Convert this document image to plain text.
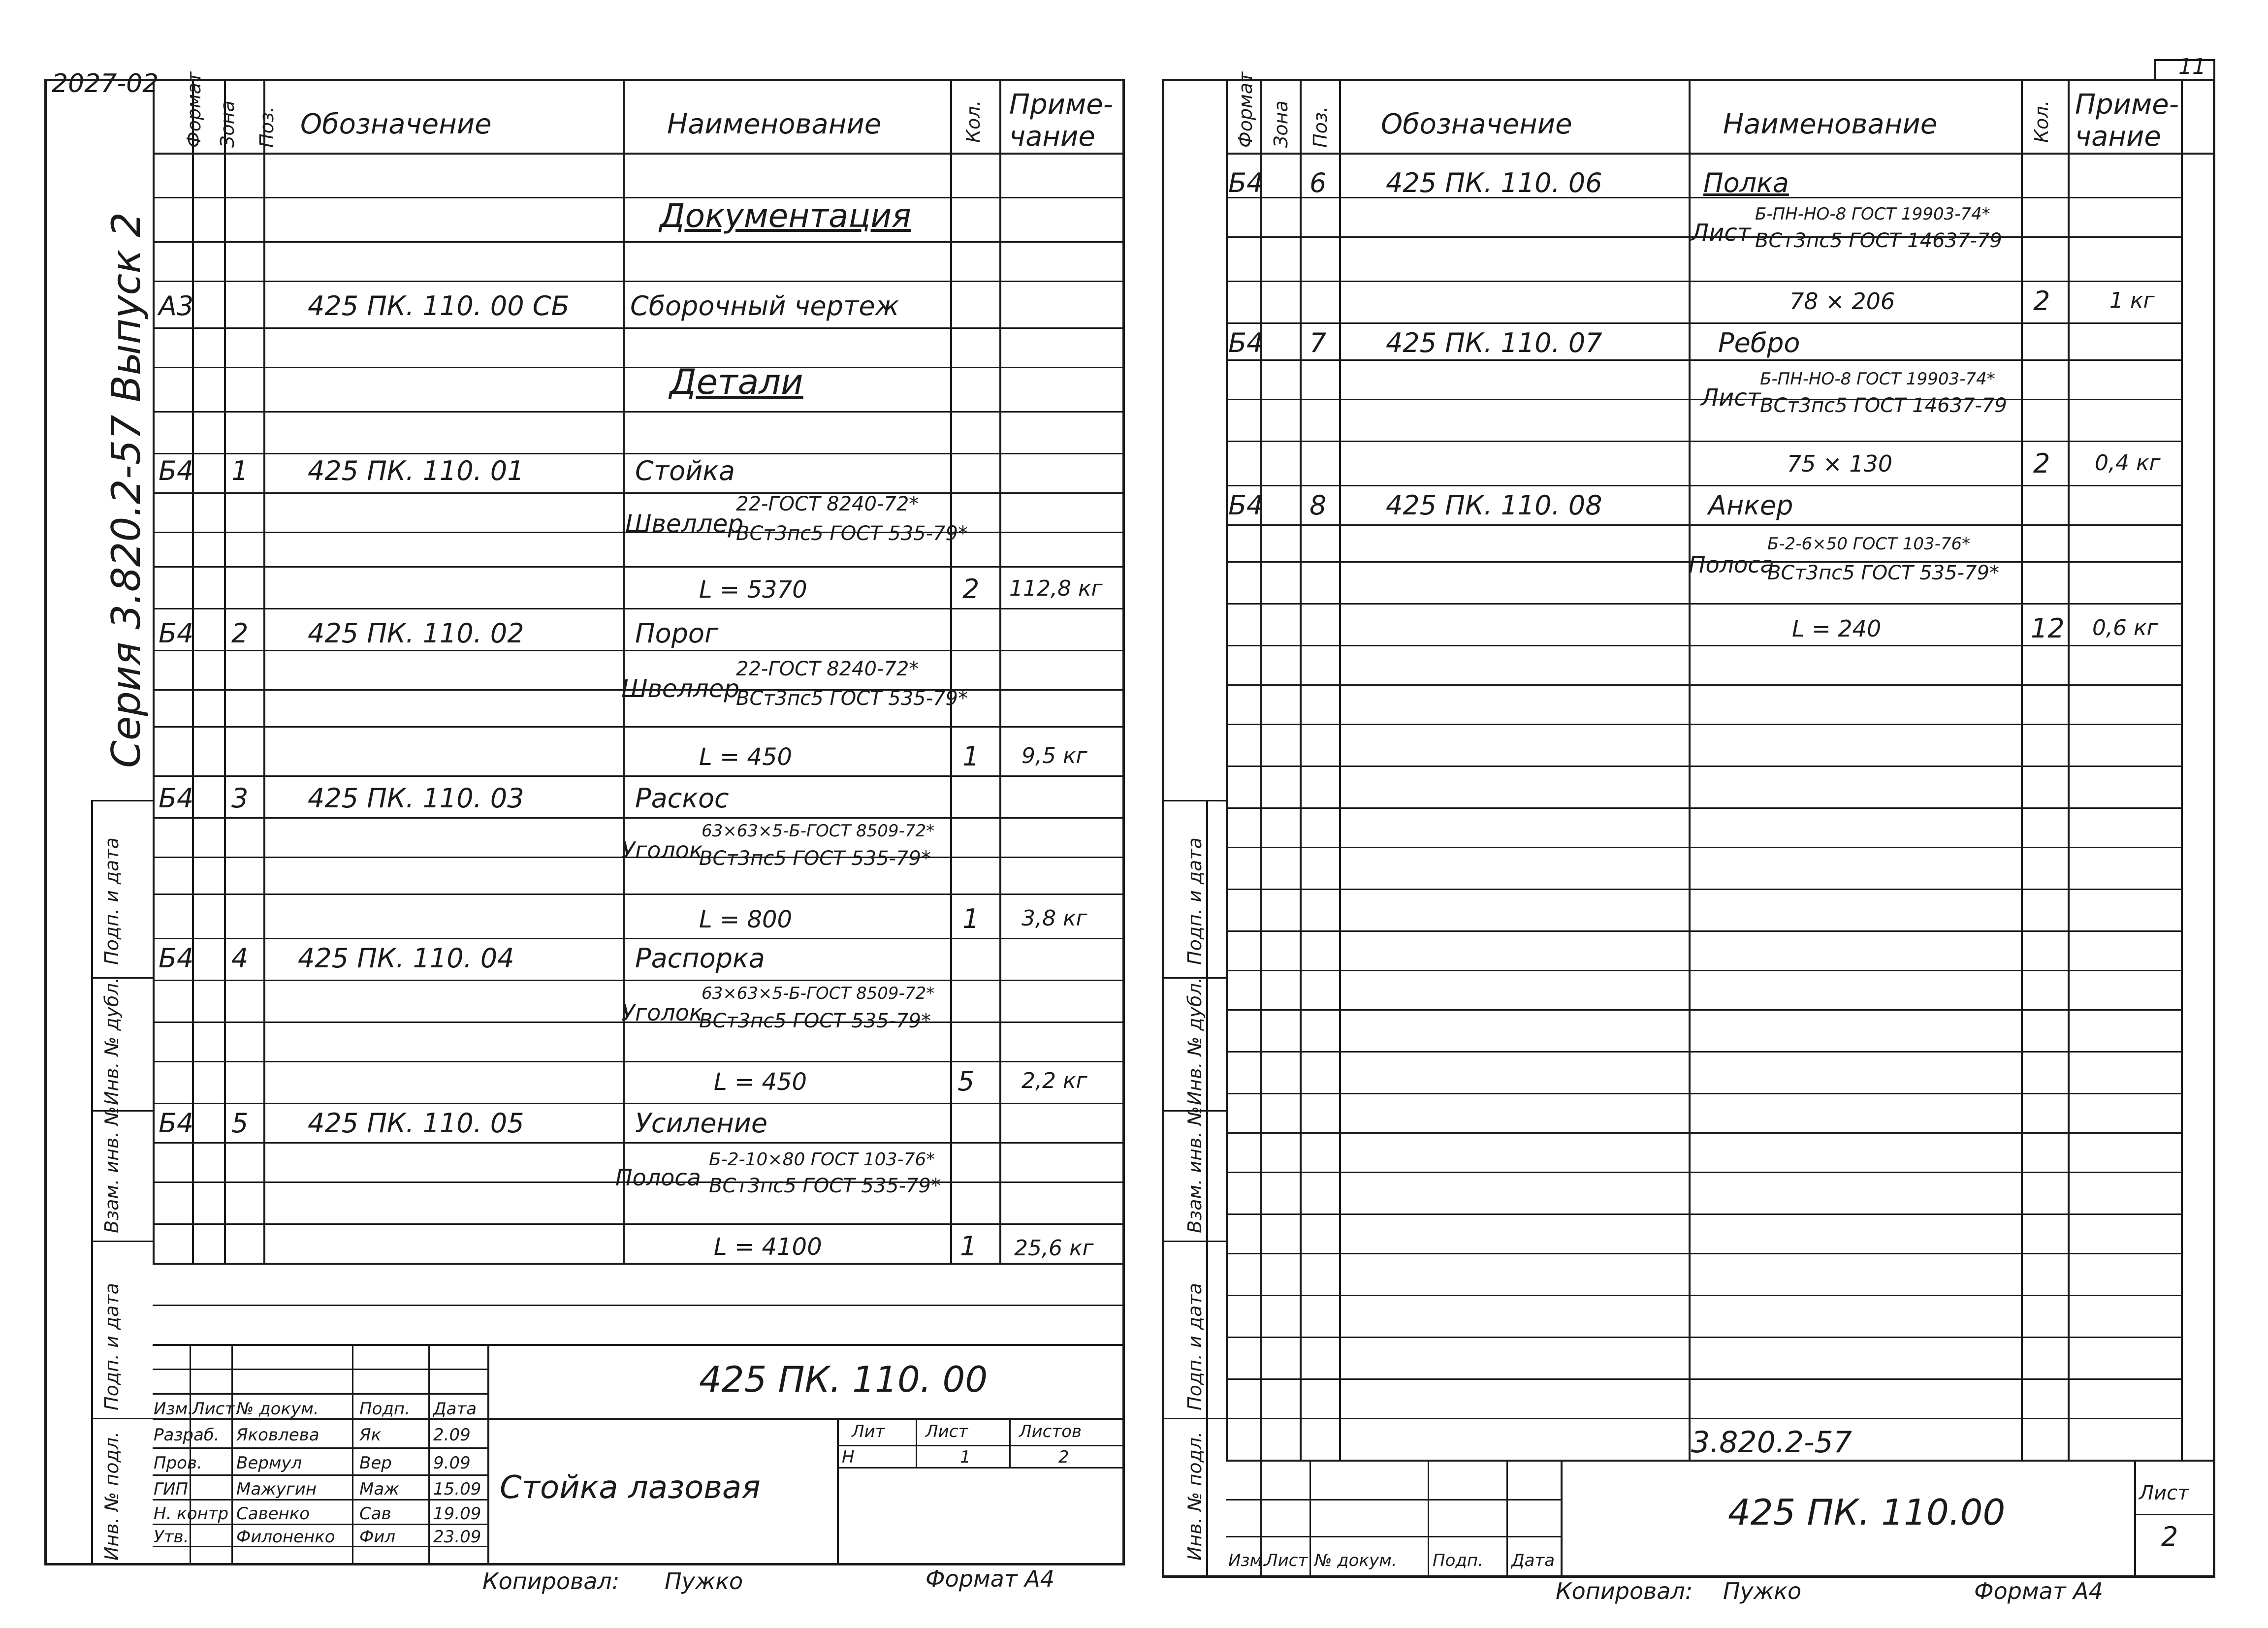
2027-02
Серия 3.820.2-57 Выпуск 2
Формат Зона Поз. Обозначение	Наименование	Кол. Приме-
чание
Документация
А3	425 ПК. 110. 00 СБ Сборочный чертеж
Детали
Б4 1 425 ПК. 110. 01	Стойка
Швеллер
22-ГОСТ 8240-72*
ВСт3пс5 ГОСТ 535-79*
L = 5370	2 112,8 кг
Б4 2 425 ПК. 110. 02	Порог
Швеллер
22-ГОСТ 8240-72*
ВСт3пс5 ГОСТ 535-79*
L = 450	1 9,5 кг
Б4 3 425 ПК. 110. 03	Раскос
Уголок
63×63×5-Б-ГОСТ 8509-72*
ВСт3пс5 ГОСТ 535-79*
L = 800	1 3,8 кг
Б4 4 425 ПК. 110. 04	Распорка
Уголок
63×63×5-Б-ГОСТ 8509-72*
ВСт3пс5 ГОСТ 535-79*
L = 450	5 2,2 кг
Б4 5 425 ПК. 110. 05	Усиление
Полоса
Б-2-10×80 ГОСТ 103-76*
ВСт3пс5 ГОСТ 535-79*
L = 4100	1 25,6 кг
Подп. и дата
Инв. № дубл.
Взам. инв. №
Подп. и дата
Инв. № подл.
Изм.
Лист № докум. Подп. Дата
Разраб. Яковлева Як	2.09
Пров. Вермул	Вер 9.09
ГИП	Мажугин	Маж 15.09
Н. контр Савенко	Сав	19.09
Утв.	Филоненко Фил 23.09
425 ПК. 110. 00
Стойка лазовая
Лит Лист	Листов
Н	1	2
Копировал: Пужко	Формат А4
11
Формат Зона Поз. Обозначение	Наименование	Кол. Приме-
чание
Б4 6 425 ПК. 110. 06	Полка
Лист
Б-ПН-НО-8 ГОСТ 19903-74*
ВСт3пс5 ГОСТ 14637-79
78 × 206	2	1 кг
Б4 7 425 ПК. 110. 07	Ребро
Лист
Б-ПН-НО-8 ГОСТ 19903-74*
ВСт3пс5 ГОСТ 14637-79
75 × 130	2 0,4 кг
Б4 8 425 ПК. 110. 08	Анкер
Полоса
Б-2-6×50 ГОСТ 103-76*
ВСт3пс5 ГОСТ 535-79*
L = 240	12 0,6 кг
Подп. и дата
Инв. № дубл.
Взам. инв. №
Подп. и дата
Инв. № подл.	3.820.2-57
Изм.
Лист № докум. Подп. Дата
425 ПК. 110.00	Лист
2
Копировал: Пужко	Формат А4
